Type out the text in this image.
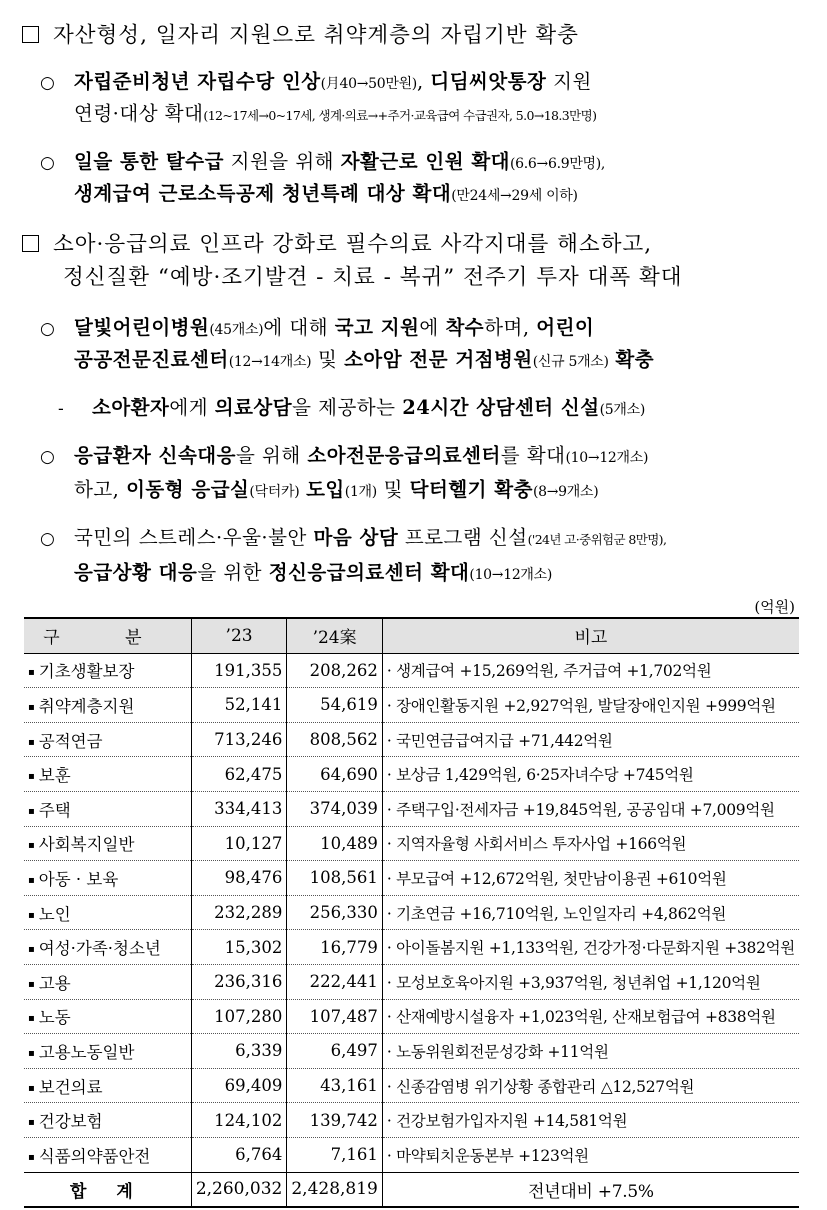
자산형성, 일자리 지원으로 취약계층의 자립기반 확충
○ 자립준비청년 자립수당 인상(月40→50만원), 디딤씨앗통장 지원
연령·대상 확대(12~17세→0~17세, 생계·의료→+주거·교육급여 수급권자, 5.0→18.3만명)
○ 일을 통한 탈수급 지원을 위해 자활근로 인원 확대(6.6→6.9만명),
생계급여 근로소득공제 청년특례 대상 확대(만24세→29세 이하)
소아·응급의료 인프라 강화로 필수의료 사각지대를 해소하고,
정신질환 “예방·조기발견 - 치료 - 복귀” 전주기 투자 대폭 확대
○ 달빛어린이병원(45개소)에 대해 국고 지원에 착수하며, 어린이
공공전문진료센터(12→14개소) 및 소아암 전문 거점병원(신규 5개소) 확충
- 소아환자에게 의료상담을 제공하는 24시간 상담센터 신설(5개소)
○ 응급환자 신속대응을 위해 소아전문응급의료센터를 확대(10→12개소)
하고, 이동형 응급실(닥터카) 도입(1개) 및 닥터헬기 확충(8→9개소)
○ 국민의 스트레스·우울·불안 마음 상담 프로그램 신설('24년 고·중위험군 8만명),
응급상황 대응을 위한 정신응급의료센터 확대(10→12개소)
(억원)
구 분	’23	’24案	비고
▪ 기초생활보장	191,355	208,262	· 생계급여 +15,269억원, 주거급여 +1,702억원
▪ 취약계층지원	52,141	54,619	· 장애인활동지원 +2,927억원, 발달장애인지원 +999억원
▪ 공적연금	713,246	808,562	· 국민연금급여지급 +71,442억원
▪ 보훈	62,475	64,690	· 보상금 1,429억원, 6·25자녀수당 +745억원
▪ 주택	334,413	374,039	· 주택구입·전세자금 +19,845억원, 공공임대 +7,009억원
▪ 사회복지일반	10,127	10,489	· 지역자율형 사회서비스 투자사업 +166억원
▪ 아동 · 보육	98,476	108,561	· 부모급여 +12,672억원, 첫만남이용권 +610억원
▪ 노인	232,289	256,330	· 기초연금 +16,710억원, 노인일자리 +4,862억원
▪ 여성·가족·청소년	15,302	16,779	· 아이돌봄지원 +1,133억원, 건강가정·다문화지원 +382억원
▪ 고용	236,316	222,441	· 모성보호육아지원 +3,937억원, 청년취업 +1,120억원
▪ 노동	107,280	107,487	· 산재예방시설융자 +1,023억원, 산재보험급여 +838억원
▪ 고용노동일반	6,339	6,497	· 노동위원회전문성강화 +11억원
▪ 보건의료	69,409	43,161	· 신종감염병 위기상황 종합관리 △12,527억원
▪ 건강보험	124,102	139,742	· 건강보험가입자지원 +14,581억원
▪ 식품의약품안전	6,764	7,161	· 마약퇴치운동본부 +123억원
합 계	2,260,032	2,428,819	전년대비 +7.5%
